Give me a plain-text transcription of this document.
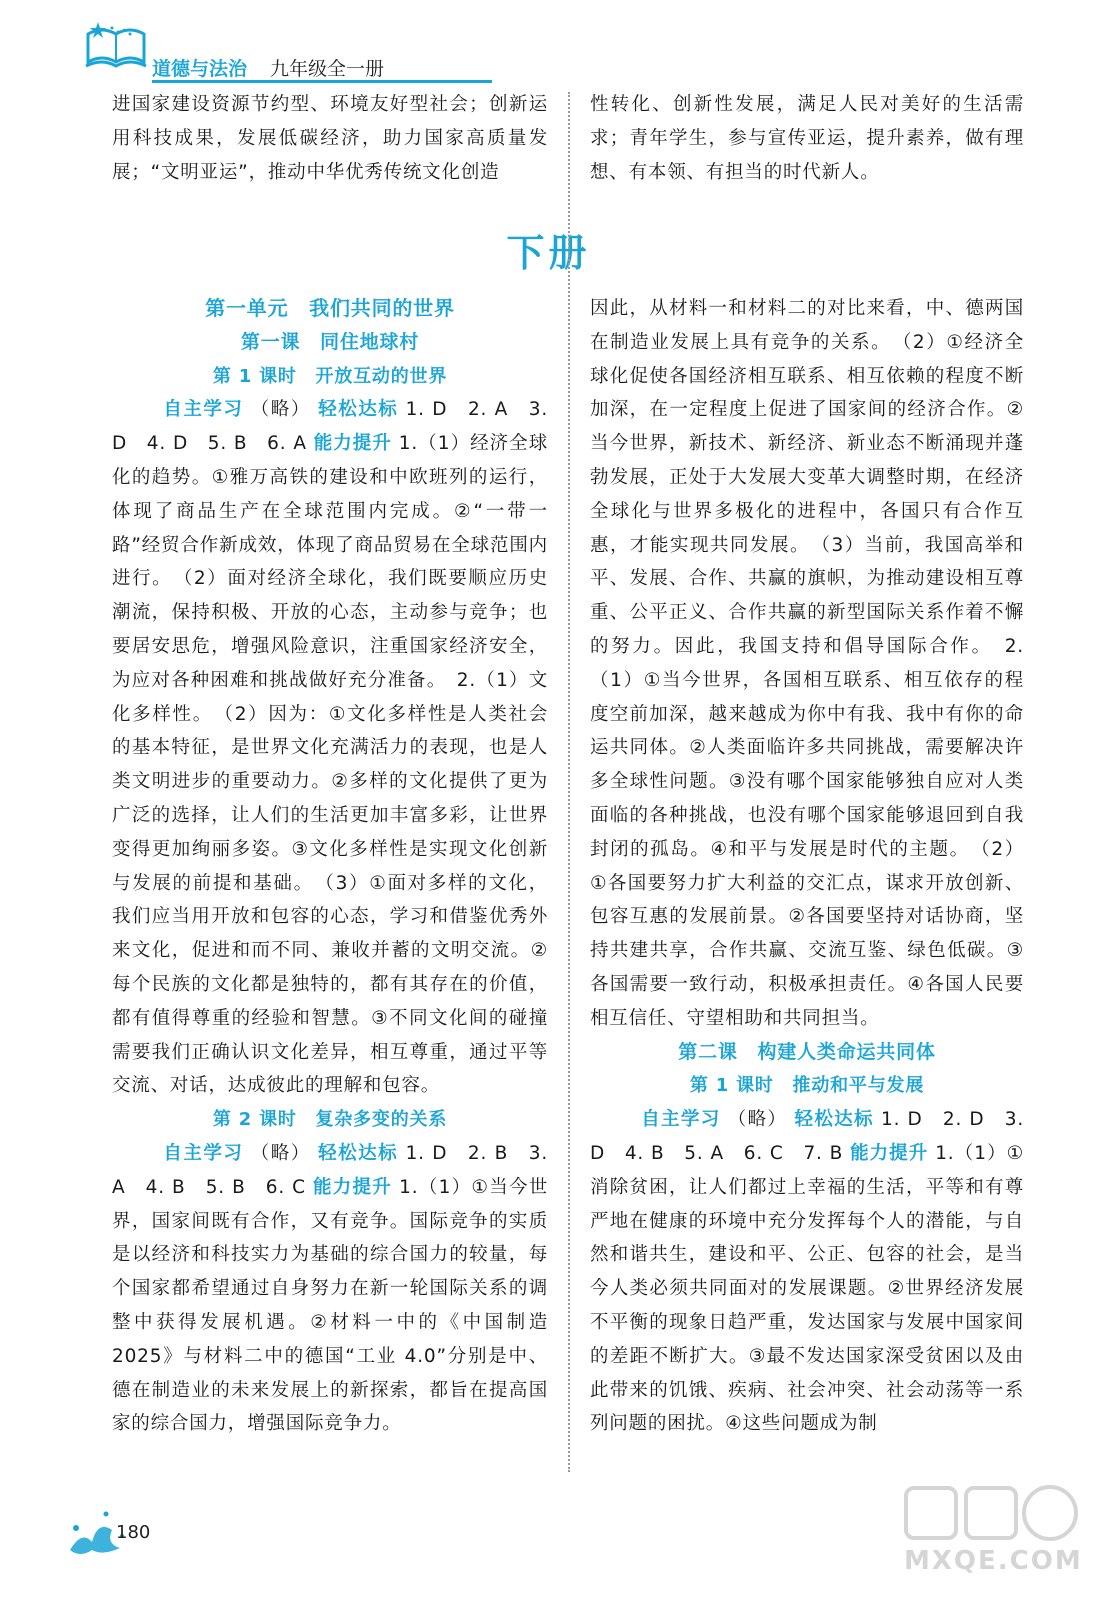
道德与法治 九年级全一册

进国家建设资源节约型、环境友好型社会；创新运用科技成果，发展低碳经济，助力国家高质量发展；“文明亚运”，推动中华优秀传统文化创造

性转化、创新性发展，满足人民对美好的生活需求；青年学生，参与宣传亚运，提升素养，做有理想、有本领、有担当的时代新人。

下册
第一单元　我们共同的世界
第一课　同住地球村
第 1 课时　开放互动的世界

自主学习 （略） 轻松达标 1. D　2. A　3. D　4. D　5. B　6. A 能力提升 1.（1）经济全球化的趋势。①雅万高铁的建设和中欧班列的运行，体现了商品生产在全球范围内完成。②“一带一路”经贸合作新成效，体现了商品贸易在全球范围内进行。　（2）面对经济全球化，我们既要顺应历史潮流，保持积极、开放的心态，主动参与竞争；也要居安思危，增强风险意识，注重国家经济安全，为应对各种困难和挑战做好充分准备。　2.（1）文化多样性。　（2）因为：①文化多样性是人类社会的基本特征，是世界文化充满活力的表现，也是人类文明进步的重要动力。②多样的文化提供了更为广泛的选择，让人们的生活更加丰富多彩，让世界变得更加绚丽多姿。③文化多样性是实现文化创新与发展的前提和基础。　（3）①面对多样的文化，我们应当用开放和包容的心态，学习和借鉴优秀外来文化，促进和而不同、兼收并蓄的文明交流。②每个民族的文化都是独特的，都有其存在的价值，都有值得尊重的经验和智慧。③不同文化间的碰撞需要我们正确认识文化差异，相互尊重，通过平等交流、对话，达成彼此的理解和包容。

第 2 课时　复杂多变的关系

自主学习 （略） 轻松达标 1. D　2. B　3. A　4. B　5. B　6. C 能力提升 1.（1）①当今世界，国家间既有合作，又有竞争。国际竞争的实质是以经济和科技实力为基础的综合国力的较量，每个国家都希望通过自身努力在新一轮国际关系的调整中获得发展机遇。②材料一中的《中国制造 2025》与材料二中的德国“工业 4.0”分别是中、德在制造业的未来发展上的新探索，都旨在提高国家的综合国力，增强国际竞争力。

因此，从材料一和材料二的对比来看，中、德两国在制造业发展上具有竞争的关系。　（2）①经济全球化促使各国经济相互联系、相互依赖的程度不断加深，在一定程度上促进了国家间的经济合作。②当今世界，新技术、新经济、新业态不断涌现并蓬勃发展，正处于大发展大变革大调整时期，在经济全球化与世界多极化的进程中，各国只有合作互惠，才能实现共同发展。　（3）当前，我国高举和平、发展、合作、共赢的旗帜，为推动建设相互尊重、公平正义、合作共赢的新型国际关系作着不懈的努力。因此，我国支持和倡导国际合作。　2.（1）①当今世界，各国相互联系、相互依存的程度空前加深，越来越成为你中有我、我中有你的命运共同体。②人类面临许多共同挑战，需要解决许多全球性问题。③没有哪个国家能够独自应对人类面临的各种挑战，也没有哪个国家能够退回到自我封闭的孤岛。④和平与发展是时代的主题。　（2）①各国要努力扩大利益的交汇点，谋求开放创新、包容互惠的发展前景。②各国要坚持对话协商，坚持共建共享，合作共赢、交流互鉴、绿色低碳。③各国需要一致行动，积极承担责任。④各国人民要相互信任、守望相助和共同担当。

第二课　构建人类命运共同体
第 1 课时　推动和平与发展

自主学习 （略） 轻松达标 1. D　2. D　3. D　4. B　5. A　6. C　7. B 能力提升 1.（1）①消除贫困，让人们都过上幸福的生活，平等和有尊严地在健康的环境中充分发挥每个人的潜能，与自然和谐共生，建设和平、公正、包容的社会，是当今人类必须共同面对的发展课题。②世界经济发展不平衡的现象日趋严重，发达国家与发展中国家间的差距不断扩大。③最不发达国家深受贫困以及由此带来的饥饿、疾病、社会冲突、社会动荡等一系列问题的困扰。④这些问题成为制

180
MXQE.COM
